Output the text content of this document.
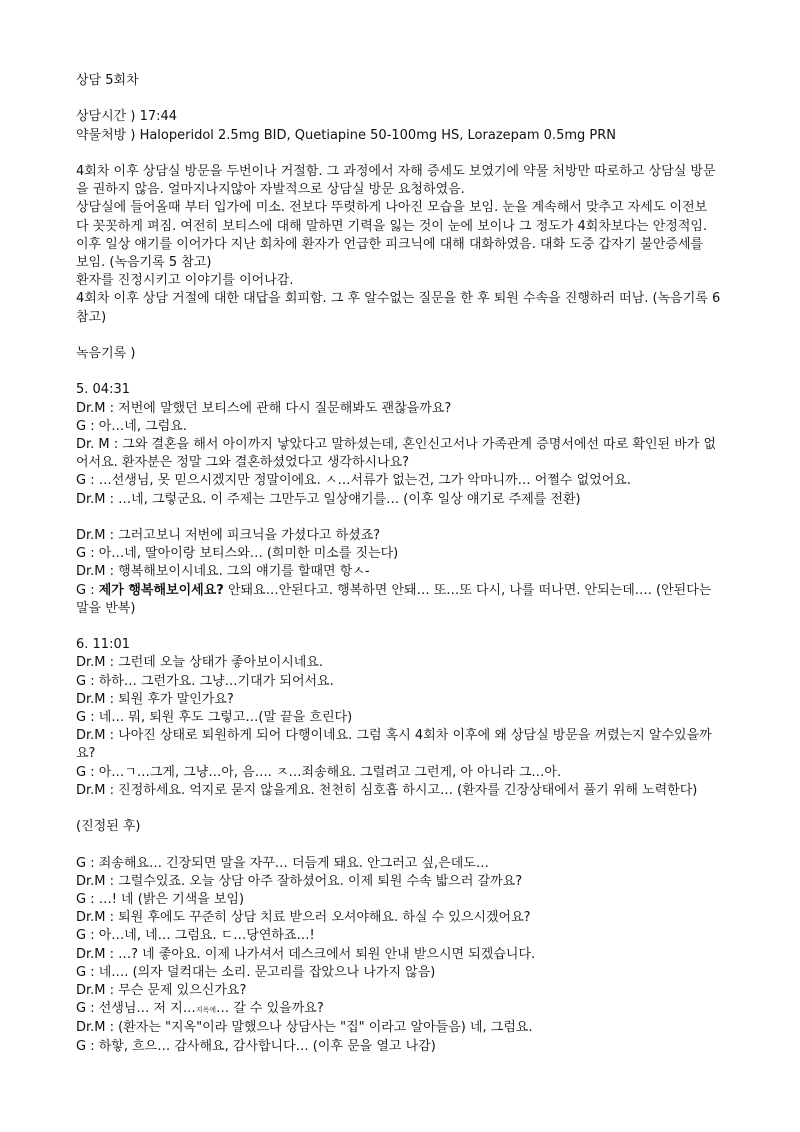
상담 5회차

상담시간 ) 17:44

약물처방 ) Haloperidol 2.5mg BID, Quetiapine 50-100mg HS, Lorazepam 0.5mg PRN

4회차 이후 상담실 방문을 두번이나 거절함. 그 과정에서 자해 증세도 보였기에 약물 처방만 따로하고 상담실 방문

을 권하지 않음. 얼마지나지않아 자발적으로 상담실 방문 요청하였음.

상담실에 들어올때 부터 입가에 미소. 전보다 뚜렷하게 나아진 모습을 보임. 눈을 계속해서 맞추고 자세도 이전보

다 꼿꼿하게 펴짐. 여전히 보티스에 대해 말하면 기력을 잃는 것이 눈에 보이나 그 정도가 4회차보다는 안정적임.

이후 일상 얘기를 이어가다 지난 회차에 환자가 언급한 피크닉에 대해 대화하였음. 대화 도중 갑자기 불안증세를

보임. (녹음기록 5 참고)

환자를 진정시키고 이야기를 이어나감.

4회차 이후 상담 거절에 대한 대답을 회피함. 그 후 알수없는 질문을 한 후 퇴원 수속을 진행하러 떠남. (녹음기록 6

참고)

녹음기록 )

5. 04:31

Dr.M : 저번에 말했던 보티스에 관해 다시 질문해봐도 괜찮을까요?

G : 아…네, 그럼요.

Dr. M : 그와 결혼을 해서 아이까지 낳았다고 말하셨는데, 혼인신고서나 가족관계 증명서에선 따로 확인된 바가 없

어서요. 환자분은 정말 그와 결혼하셨었다고 생각하시나요?

G : …선생님, 못 믿으시겠지만 정말이에요. ㅅ…서류가 없는건, 그가 악마니까… 어쩔수 없었어요.

Dr.M : …네, 그렇군요. 이 주제는 그만두고 일상얘기를… (이후 일상 얘기로 주제를 전환)

Dr.M : 그러고보니 저번에 피크닉을 가셨다고 하셨죠?

G : 아…네, 딸아이랑 보티스와… (희미한 미소를 짓는다)

Dr.M : 행복해보이시네요. 그의 얘기를 할때면 항ㅅ-

G : 제가 행복해보이세요? 안돼요…안된다고. 행복하면 안돼… 또…또 다시, 나를 떠나면. 안되는데…. (안된다는

말을 반복)

6. 11:01

Dr.M : 그런데 오늘 상태가 좋아보이시네요.

G : 하하… 그런가요. 그냥…기대가 되어서요.

Dr.M : 퇴원 후가 말인가요?

G : 네… 뭐, 퇴원 후도 그렇고…(말 끝을 흐린다)

Dr.M : 나아진 상태로 퇴원하게 되어 다행이네요. 그럼 혹시 4회차 이후에 왜 상담실 방문을 꺼렸는지 알수있을까

요?

G : 아…ㄱ…그게, 그냥…아, 음…. ㅈ…죄송해요. 그럴려고 그런게, 아 아니라 그…아.

Dr.M : 진정하세요. 억지로 묻지 않을게요. 천천히 심호흡 하시고… (환자를 긴장상태에서 풀기 위해 노력한다)

(진정된 후)

G : 죄송해요… 긴장되면 말을 자꾸… 더듬게 돼요. 안그러고 싶,은데도…

Dr.M : 그럴수있죠. 오늘 상담 아주 잘하셨어요. 이제 퇴원 수속 밟으러 갈까요?

G : …! 네 (밝은 기색을 보임)

Dr.M : 퇴원 후에도 꾸준히 상담 치료 받으러 오셔야해요. 하실 수 있으시겠어요?

G : 아…네, 네… 그럼요. ㄷ…당연하죠…!

Dr.M : …? 네 좋아요. 이제 나가셔서 데스크에서 퇴원 안내 받으시면 되겠습니다.

G : 네…. (의자 덜컥대는 소리. 문고리를 잡았으나 나가지 않음)

Dr.M : 무슨 문제 있으신가요?

G : 선생님… 저 지…지옥에… 갈 수 있을까요?

Dr.M : (환자는 "지옥"이라 말했으나 상담사는 "집" 이라고 알아들음) 네, 그럼요.

G : 하핳, 흐으… 감사해요, 감사합니다… (이후 문을 열고 나감)
